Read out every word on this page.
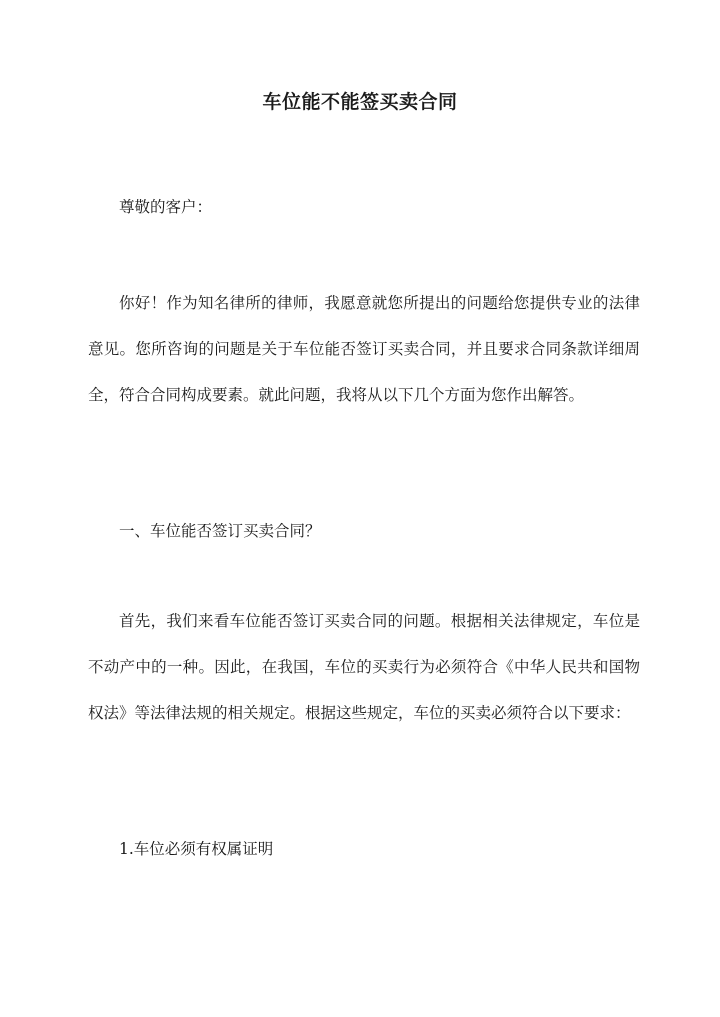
车位能不能签买卖合同

尊敬的客户：

你好！作为知名律所的律师，我愿意就您所提出的问题给您提供专业的法律意见。您所咨询的问题是关于车位能否签订买卖合同，并且要求合同条款详细周全，符合合同构成要素。就此问题，我将从以下几个方面为您作出解答。

一、车位能否签订买卖合同？

首先，我们来看车位能否签订买卖合同的问题。根据相关法律规定，车位是不动产中的一种。因此，在我国，车位的买卖行为必须符合《中华人民共和国物权法》等法律法规的相关规定。根据这些规定，车位的买卖必须符合以下要求：

1.车位必须有权属证明
